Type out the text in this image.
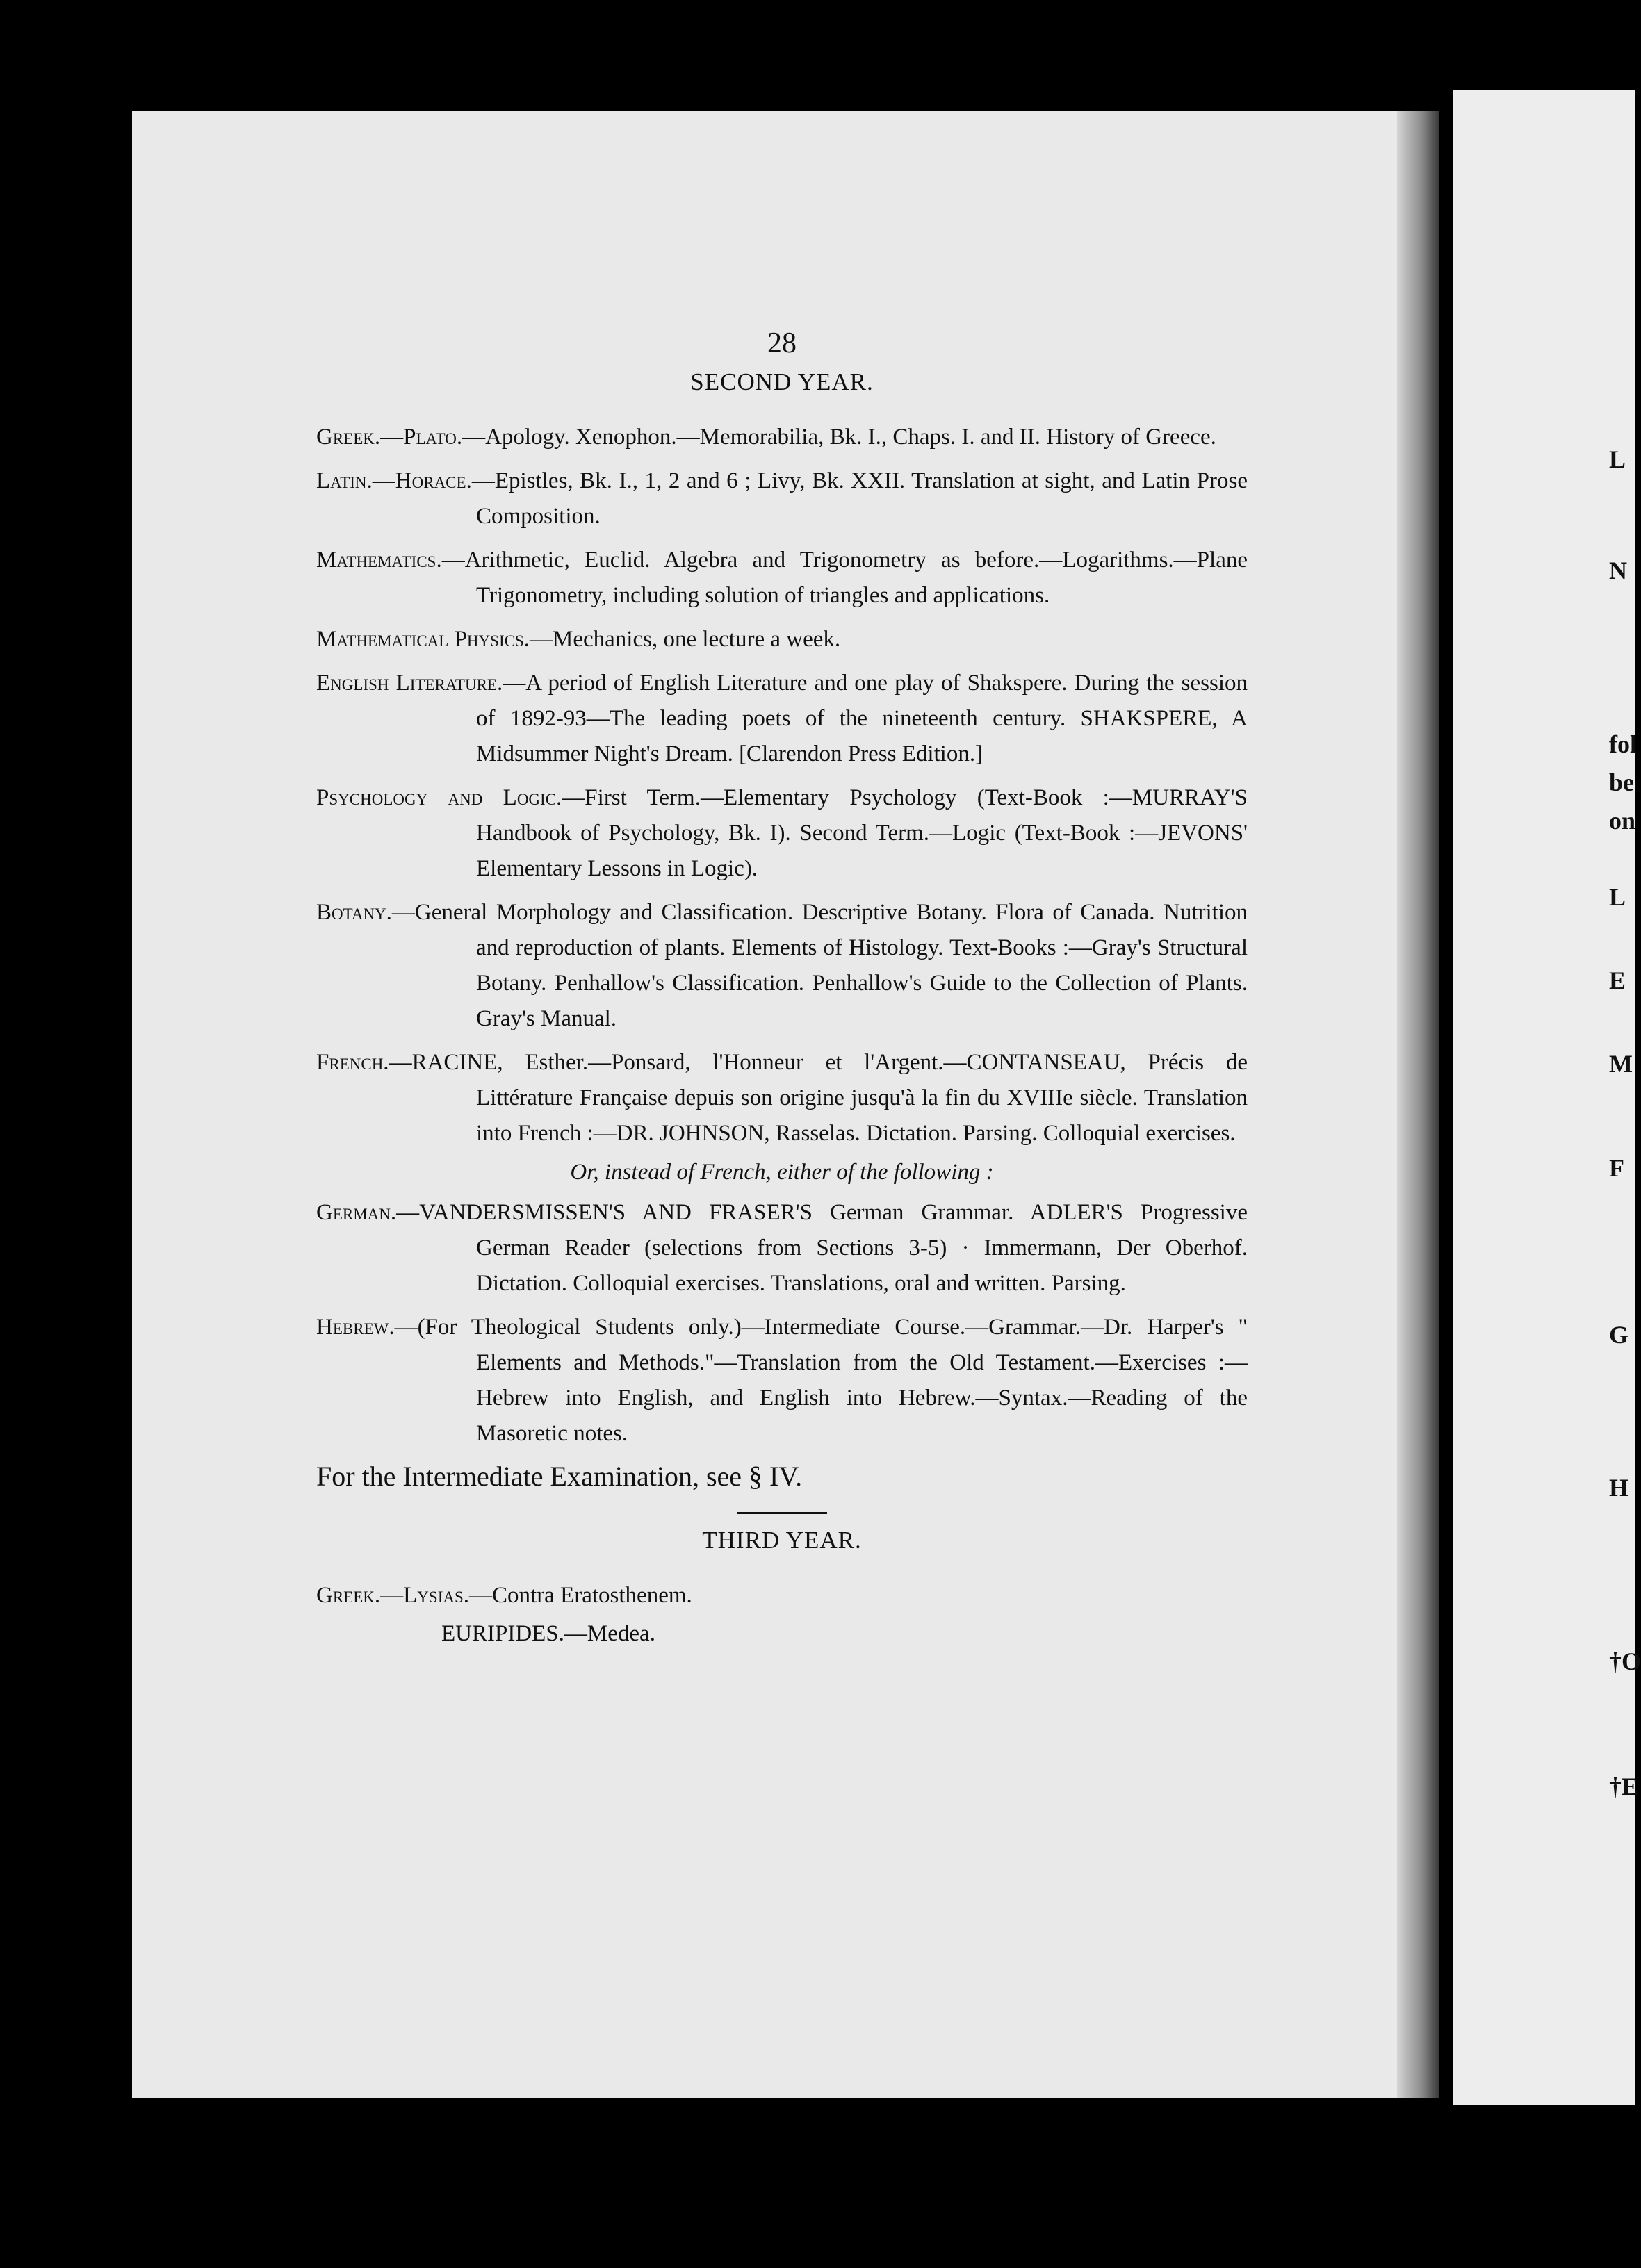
L
N
fol
be
on
L
E
M
F
G
H
†O
†E
28
SECOND YEAR.

Greek.—Plato.—Apology. Xenophon.—Memorabilia, Bk. I., Chaps. I. and II. History of Greece.

Latin.—Horace.—Epistles, Bk. I., 1, 2 and 6 ; Livy, Bk. XXII. Translation at sight, and Latin Prose Composition.

Mathematics.—Arithmetic, Euclid. Algebra and Trigonometry as before.—Logarithms.—Plane Trigonometry, including solution of triangles and applications.

Mathematical Physics.—Mechanics, one lecture a week.

English Literature.—A period of English Literature and one play of Shakspere. During the session of 1892-93—The leading poets of the nineteenth century. SHAKSPERE, A Midsummer Night's Dream. [Clarendon Press Edition.]

Psychology and Logic.—First Term.—Elementary Psychology (Text-Book :—MURRAY'S Handbook of Psychology, Bk. I). Second Term.—Logic (Text-Book :—JEVONS' Elementary Lessons in Logic).

Botany.—General Morphology and Classification. Descriptive Botany. Flora of Canada. Nutrition and reproduction of plants. Elements of Histology. Text-Books :—Gray's Structural Botany. Penhallow's Classification. Penhallow's Guide to the Collection of Plants. Gray's Manual.

French.—RACINE, Esther.—Ponsard, l'Honneur et l'Argent.—CONTANSEAU, Précis de Littérature Française depuis son origine jusqu'à la fin du XVIIIe siècle. Translation into French :—DR. JOHNSON, Rasselas. Dictation. Parsing. Colloquial exercises.

Or, instead of French, either of the following :

German.—VANDERSMISSEN'S AND FRASER'S German Grammar. ADLER'S Progressive German Reader (selections from Sections 3-5) · Immermann, Der Oberhof. Dictation. Colloquial exercises. Translations, oral and written. Parsing.

Hebrew.—(For Theological Students only.)—Intermediate Course.—Grammar.—Dr. Harper's " Elements and Methods."—Translation from the Old Testament.—Exercises :—Hebrew into English, and English into Hebrew.—Syntax.—Reading of the Masoretic notes.

For the Intermediate Examination, see § IV.
THIRD YEAR.

Greek.—Lysias.—Contra Eratosthenem.

EURIPIDES.—Medea.
